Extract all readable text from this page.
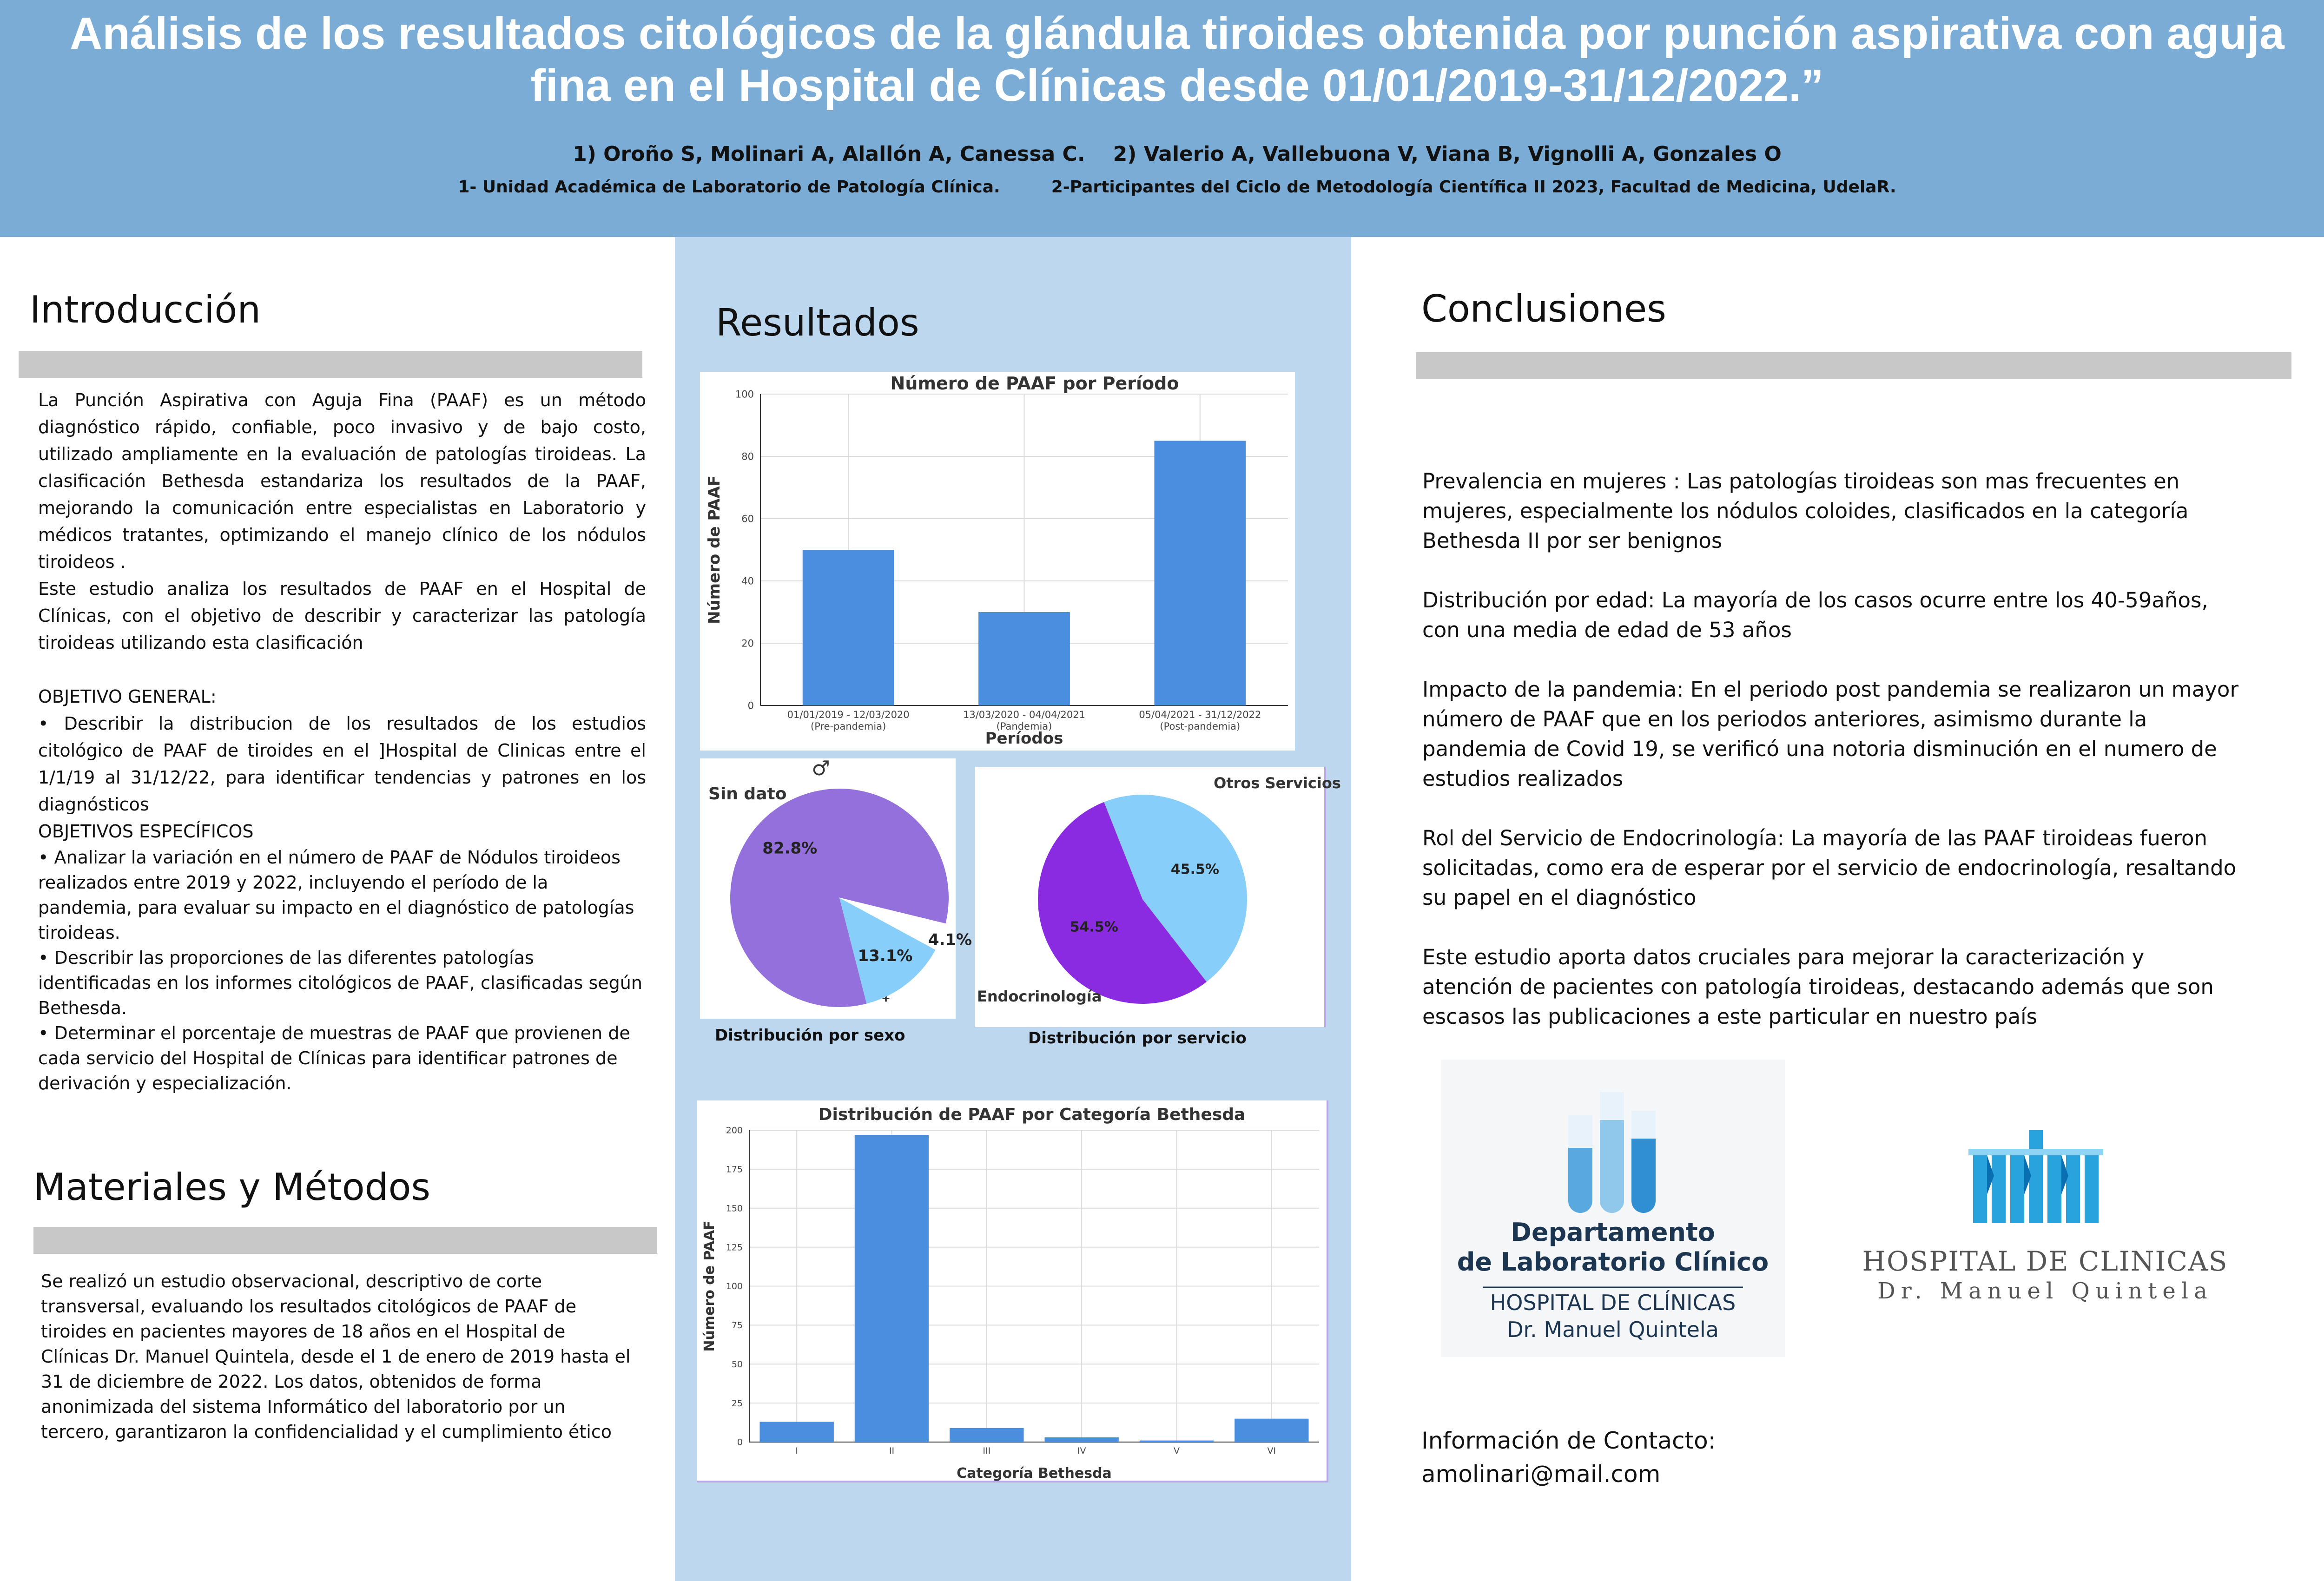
Análisis de los resultados citológicos de la glándula tiroides obtenida por punción aspirativa con aguja fina en el Hospital de Clínicas desde 01/01/2019-31/12/2022.”
1) Oroño S, Molinari A, Alallón A, Canessa C. 2) Valerio A, Vallebuona V, Viana B, Vignolli A, Gonzales O
1- Unidad Académica de Laboratorio de Patología Clínica.	2-Participantes del Ciclo de Metodología Científica II 2023, Facultad de Medicina, UdelaR.
Introducción

La Punción Aspirativa con Aguja Fina (PAAF) es un método diagnóstico rápido, confiable, poco invasivo y de bajo costo, utilizado ampliamente en la evaluación de patologías tiroideas. La clasificación Bethesda estandariza los resultados de la PAAF, mejorando la comunicación entre especialistas en Laboratorio y médicos tratantes, optimizando el manejo clínico de los nódulos tiroideos .

Este estudio analiza los resultados de PAAF en el Hospital de Clínicas, con el objetivo de describir y caracterizar las patología tiroideas utilizando esta clasificación

OBJETIVO GENERAL:

• Describir la distribucion de los resultados de los estudios citológico de PAAF de tiroides en el ]Hospital de Clinicas entre el 1/1/19 al 31/12/22, para identificar tendencias y patrones en los diagnósticos

OBJETIVOS ESPECÍFICOS

• Analizar la variación en el número de PAAF de Nódulos tiroideos realizados entre 2019 y 2022, incluyendo el período de la pandemia, para evaluar su impacto en el diagnóstico de patologías tiroideas.

• Describir las proporciones de las diferentes patologías identificadas en los informes citológicos de PAAF, clasificadas según Bethesda.

• Determinar el porcentaje de muestras de PAAF que provienen de cada servicio del Hospital de Clínicas para identificar patrones de derivación y especialización.

Materiales y Métodos
Se realizó un estudio observacional, descriptivo de corte transversal, evaluando los resultados citológicos de PAAF de tiroides en pacientes mayores de 18 años en el Hospital de Clínicas Dr. Manuel Quintela, desde el 1 de enero de 2019 hasta el 31 de diciembre de 2022. Los datos, obtenidos de forma anonimizada del sistema Informático del laboratorio por un tercero, garantizaron la confidencialidad y el cumplimiento ético
Resultados
Número de PAAF por Período
0
20
40
60
80
100
01/01/2019 - 12/03/2020
(Pre-pandemia)
13/03/2020 - 04/04/2021
(Pandemia)
05/04/2021 - 31/12/2022
(Post-pandemia)
Períodos
Número de PAAF
82.8%
4.1%
Sin dato
13.1%
♂
Distribución por sexo
45.5%
Otros Servicios
54.5%
Endocrinología
Distribución por servicio
Distribución de PAAF por Categoría Bethesda
0
25
50
75
100
125
150
175
200
I	II	III	IV	V	VI
Categoría Bethesda
Número de PAAF
Conclusiones

Prevalencia en mujeres : Las patologías tiroideas son mas frecuentes en mujeres, especialmente los nódulos coloides, clasificados en la categoría Bethesda II por ser benignos

Distribución por edad: La mayoría de los casos ocurre entre los 40-59años, con una media de edad de 53 años

Impacto de la pandemia: En el periodo post pandemia se realizaron un mayor número de PAAF que en los periodos anteriores, asimismo durante la pandemia de Covid 19, se verificó una notoria disminución en el numero de estudios realizados

Rol del Servicio de Endocrinología: La mayoría de las PAAF tiroideas fueron solicitadas, como era de esperar por el servicio de endocrinología, resaltando su papel en el diagnóstico

Este estudio aporta datos cruciales para mejorar la caracterización y atención de pacientes con patología tiroideas, destacando además que son escasos las publicaciones a este particular en nuestro país

Departamento
de Laboratorio Clínico
HOSPITAL DE CLÍNICAS
Dr. Manuel Quintela
HOSPITAL DE CLINICAS
Dr. Manuel Quintela
Información de Contacto:
amolinari@mail.com
